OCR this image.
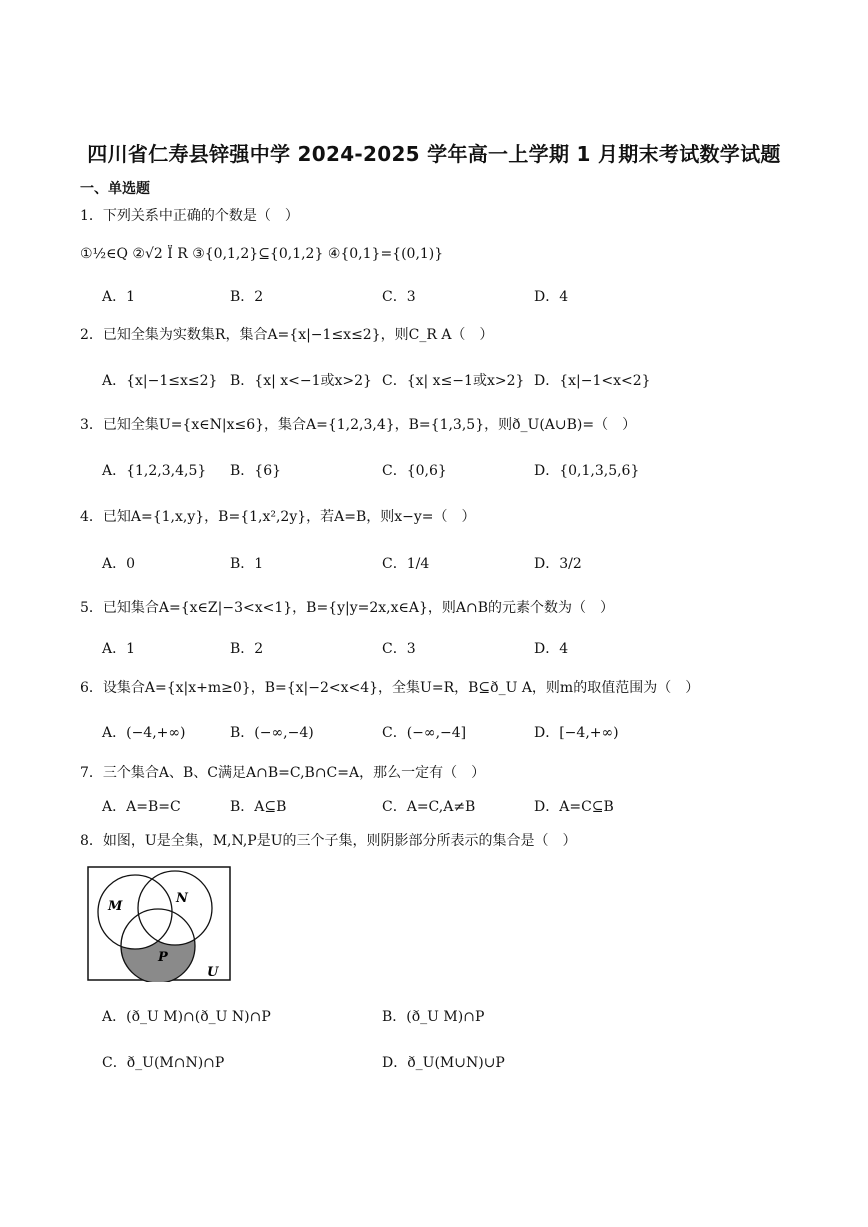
四川省仁寿县锌强中学 2024-2025 学年高一上学期 1 月期末考试数学试题
一、单选题
1．下列关系中正确的个数是（　）
①½∈Q ②√2 Ï R ③{0,1,2}⊆{0,1,2} ④{0,1}={(0,1)}
A．1	B．2	C．3	D．4
2．已知全集为实数集R，集合A={x|−1≤x≤2}，则C_R A（　）
A．{x|−1≤x≤2} B．{x| x<−1或x>2} C．{x| x≤−1或x>2} D．{x|−1<x<2}
3．已知全集U={x∈N|x≤6}，集合A={1,2,3,4}，B={1,3,5}，则ð_U(A∪B)=（　）
A．{1,2,3,4,5} B．{6}	C．{0,6}	D．{0,1,3,5,6}
4．已知A={1,x,y}，B={1,x²,2y}，若A=B，则x−y=（　）
A．0	B．1	C．1/4	D．3/2
5．已知集合A={x∈Z|−3<x<1}，B={y|y=2x,x∈A}，则A∩B的元素个数为（　）
A．1	B．2	C．3	D．4
6．设集合A={x|x+m≥0}，B={x|−2<x<4}，全集U=R，B⊆ð_U A，则m的取值范围为（　）
A．(−4,+∞)	B．(−∞,−4)	C．(−∞,−4]	D．[−4,+∞)
7．三个集合A、B、C满足A∩B=C,B∩C=A，那么一定有（　）
A．A=B=C	B．A⊆B	C．A=C,A≠B	D．A=C⊆B
8．如图，U是全集，M,N,P是U的三个子集，则阴影部分所表示的集合是（　）
M
N
P
U
A．(ð_U M)∩(ð_U N)∩P	B．(ð_U M)∩P
C．ð_U(M∩N)∩P	D．ð_U(M∪N)∪P
